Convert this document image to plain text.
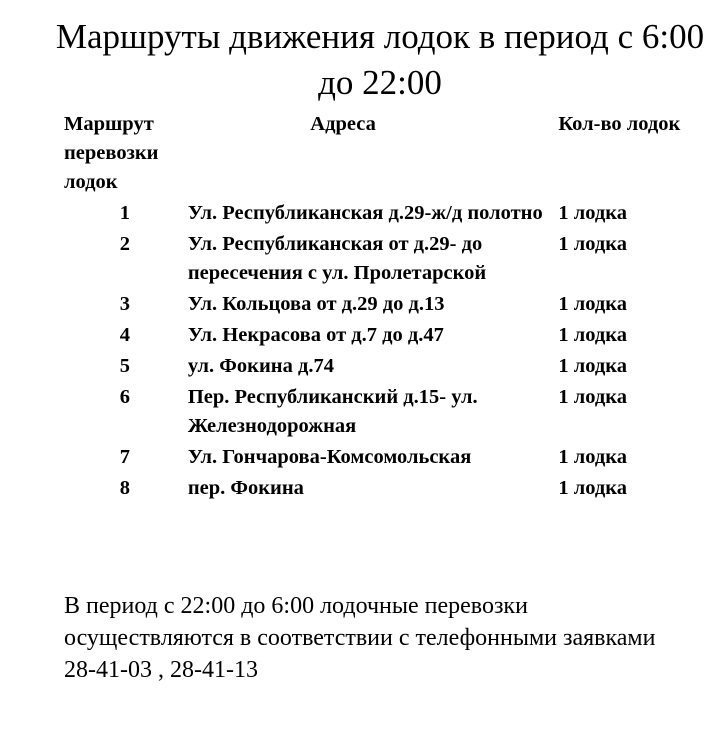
Маршруты движения лодок в период с 6:00 до 22:00
Маршрут перевозки лодок	Адреса	Кол-во лодок
1	Ул. Республиканская д.29-ж/д полотно	1 лодка
2	Ул. Республиканская от д.29- до пересечения с ул. Пролетарской	1 лодка
3	Ул. Кольцова от д.29 до д.13	1 лодка
4	Ул. Некрасова от д.7 до д.47	1 лодка
5	ул. Фокина д.74	1 лодка
6	Пер. Республиканский д.15- ул. Железнодорожная	1 лодка
7	Ул. Гончарова-Комсомольская	1 лодка
8	пер. Фокина	1 лодка

В период с 22:00 до 6:00 лодочные перевозки осуществляются в соответствии с телефонными заявками 28-41-03 , 28-41-13
